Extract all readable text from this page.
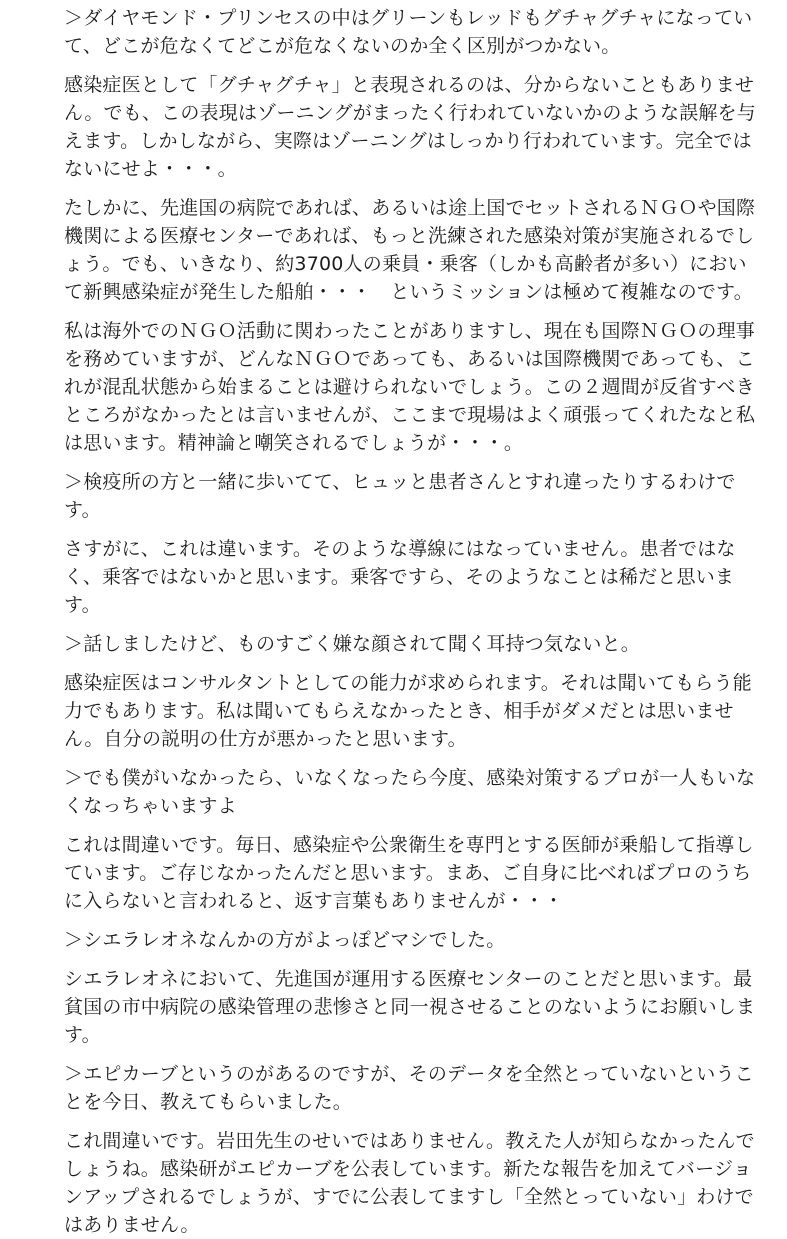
＞ダイヤモンド・プリンセスの中はグリーンもレッドもグチャグチャになっていて、どこが危なくてどこが危なくないのか全く区別がつかない。

感染症医として「グチャグチャ」と表現されるのは、分からないこともありません。でも、この表現はゾーニングがまったく行われていないかのような誤解を与えます。しかしながら、実際はゾーニングはしっかり行われています。完全ではないにせよ・・・。

たしかに、先進国の病院であれば、あるいは途上国でセットされるＮＧＯや国際機関による医療センターであれば、もっと洗練された感染対策が実施されるでしょう。でも、いきなり、約3700人の乗員・乗客（しかも高齢者が多い）において新興感染症が発生した船舶・・・　というミッションは極めて複雑なのです。

私は海外でのＮＧＯ活動に関わったことがありますし、現在も国際ＮＧＯの理事を務めていますが、どんなＮＧＯであっても、あるいは国際機関であっても、これが混乱状態から始まることは避けられないでしょう。この２週間が反省すべきところがなかったとは言いませんが、ここまで現場はよく頑張ってくれたなと私は思います。精神論と嘲笑されるでしょうが・・・。

＞検疫所の方と一緒に歩いてて、ヒュッと患者さんとすれ違ったりするわけです。

さすがに、これは違います。そのような導線にはなっていません。患者ではなく、乗客ではないかと思います。乗客ですら、そのようなことは稀だと思います。

＞話しましたけど、ものすごく嫌な顔されて聞く耳持つ気ないと。

感染症医はコンサルタントとしての能力が求められます。それは聞いてもらう能力でもあります。私は聞いてもらえなかったとき、相手がダメだとは思いません。自分の説明の仕方が悪かったと思います。

＞でも僕がいなかったら、いなくなったら今度、感染対策するプロが一人もいなくなっちゃいますよ

これは間違いです。毎日、感染症や公衆衛生を専門とする医師が乗船して指導しています。ご存じなかったんだと思います。まあ、ご自身に比べればプロのうちに入らないと言われると、返す言葉もありませんが・・・

＞シエラレオネなんかの方がよっぽどマシでした。

シエラレオネにおいて、先進国が運用する医療センターのことだと思います。最貧国の市中病院の感染管理の悲惨さと同一視させることのないようにお願いします。

＞エピカーブというのがあるのですが、そのデータを全然とっていないということを今日、教えてもらいました。

これ間違いです。岩田先生のせいではありません。教えた人が知らなかったんでしょうね。感染研がエピカーブを公表しています。新たな報告を加えてバージョンアップされるでしょうが、すでに公表してますし「全然とっていない」わけではありません。
